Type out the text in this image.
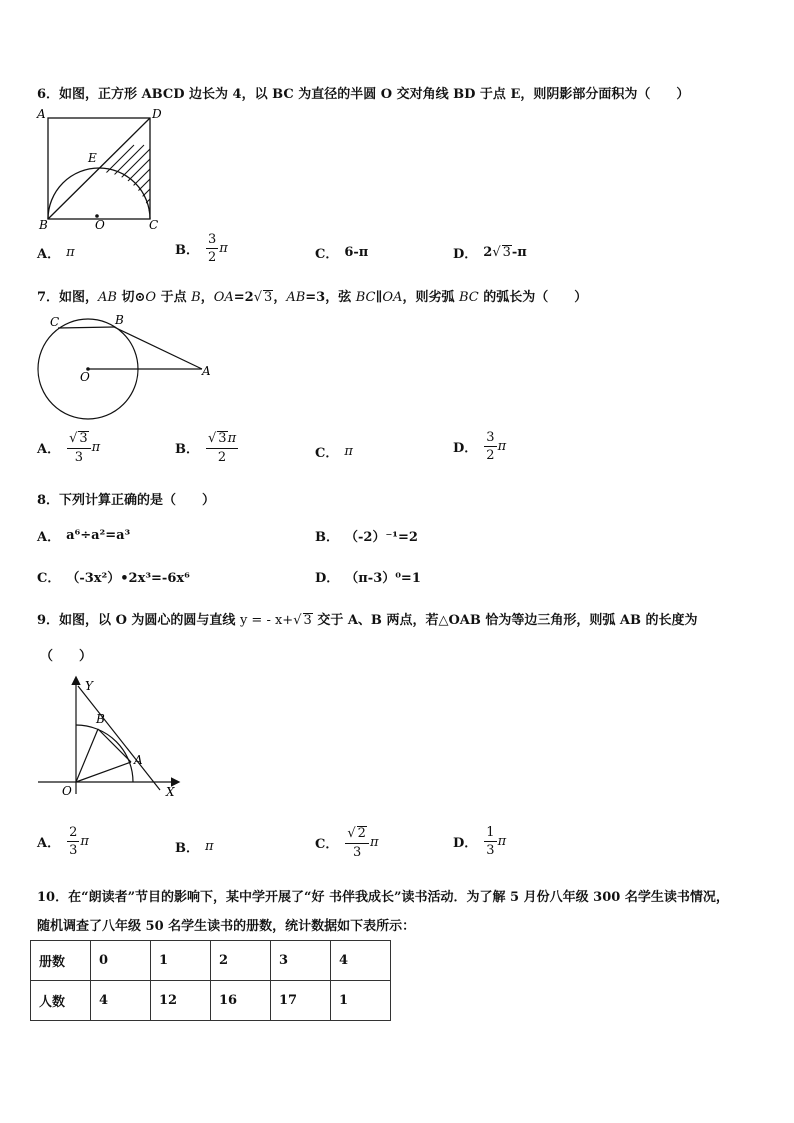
6．如图，正方形 ABCD 边长为 4，以 BC 为直径的半圆 O 交对角线 BD 于点 E，则阴影部分面积为（　　）
A	D
E
B	O	C
A． π	B． $\frac{3}{2}$ π	C． 6-π	D． 2 √ 3 -π
7．如图，AB 切⊙O 于点 B，OA=2√ 3，AB=3，弦 BC∥OA，则劣弧 BC 的弧长为（　　）
C	B
O	A
A． $\frac{√ 3}{3}$ π	B． $\frac{√ 3\pi}{2}$	C． π	D． $\frac{3}{2}$ π
8．下列计算正确的是（　　）
A． a⁶÷a²=a³	B． （-2）⁻¹=2
C． （-3x²）•2x³=-6x⁶	D． （π-3）⁰=1
9．如图，以 O 为圆心的圆与直线 y = - x+√ 3 交于 A、B 两点，若△OAB 恰为等边三角形，则弧 AB 的长度为
（　　）
Y
B
A
O	X
A． $\frac{2}{3}$ π	B． π	C． $\frac{√ 2}{3}$ π	D． $\frac{1}{3}$ π
10．在“朗读者”节目的影响下，某中学开展了“好 书伴我成长”读书活动．为了解 5 月份八年级 300 名学生读书情况，
随机调查了八年级 50 名学生读书的册数，统计数据如下表所示：
册数	0	1	2	3	4
人数	4	12	16	17	1
